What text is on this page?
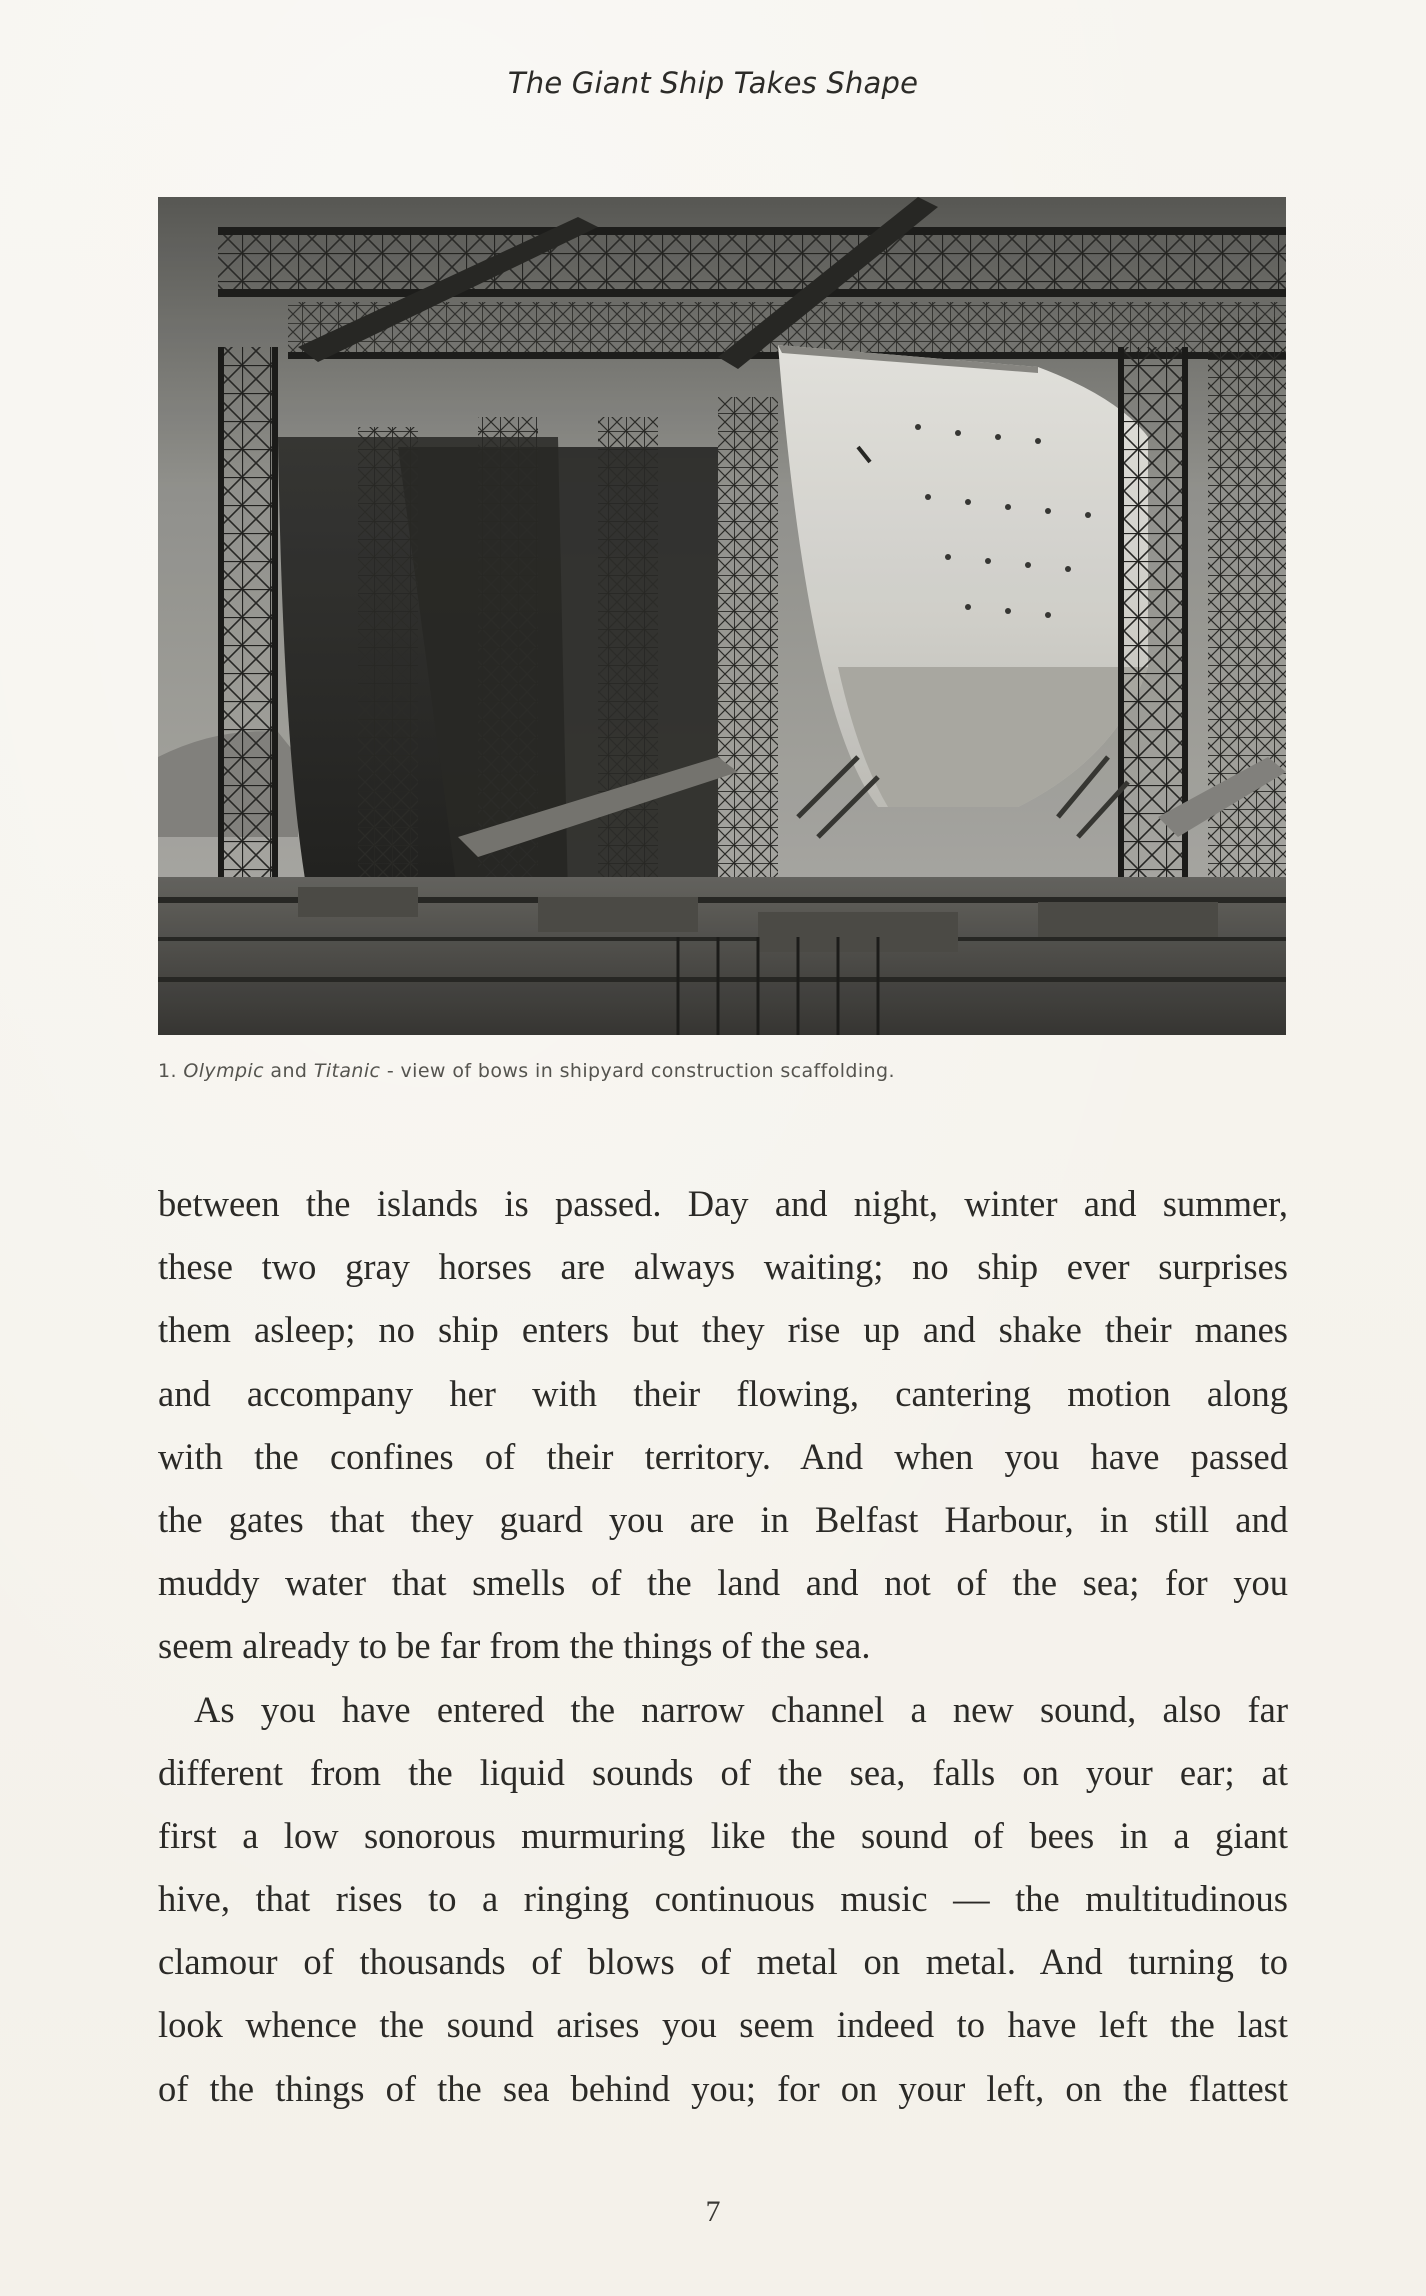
The Giant Ship Takes Shape
1. Olympic and Titanic - view of bows in shipyard construction scaffolding.
between the islands is passed. Day and night, winter and summer,
these two gray horses are always waiting; no ship ever surprises
them asleep; no ship enters but they rise up and shake their manes
and accompany her with their flowing, cantering motion along
with the confines of their territory. And when you have passed
the gates that they guard you are in Belfast Harbour, in still and
muddy water that smells of the land and not of the sea; for you
seem already to be far from the things of the sea.
As you have entered the narrow channel a new sound, also far
different from the liquid sounds of the sea, falls on your ear; at
first a low sonorous murmuring like the sound of bees in a giant
hive, that rises to a ringing continuous music — the multitudinous
clamour of thousands of blows of metal on metal. And turning to
look whence the sound arises you seem indeed to have left the last
of the things of the sea behind you; for on your left, on the flattest
7
